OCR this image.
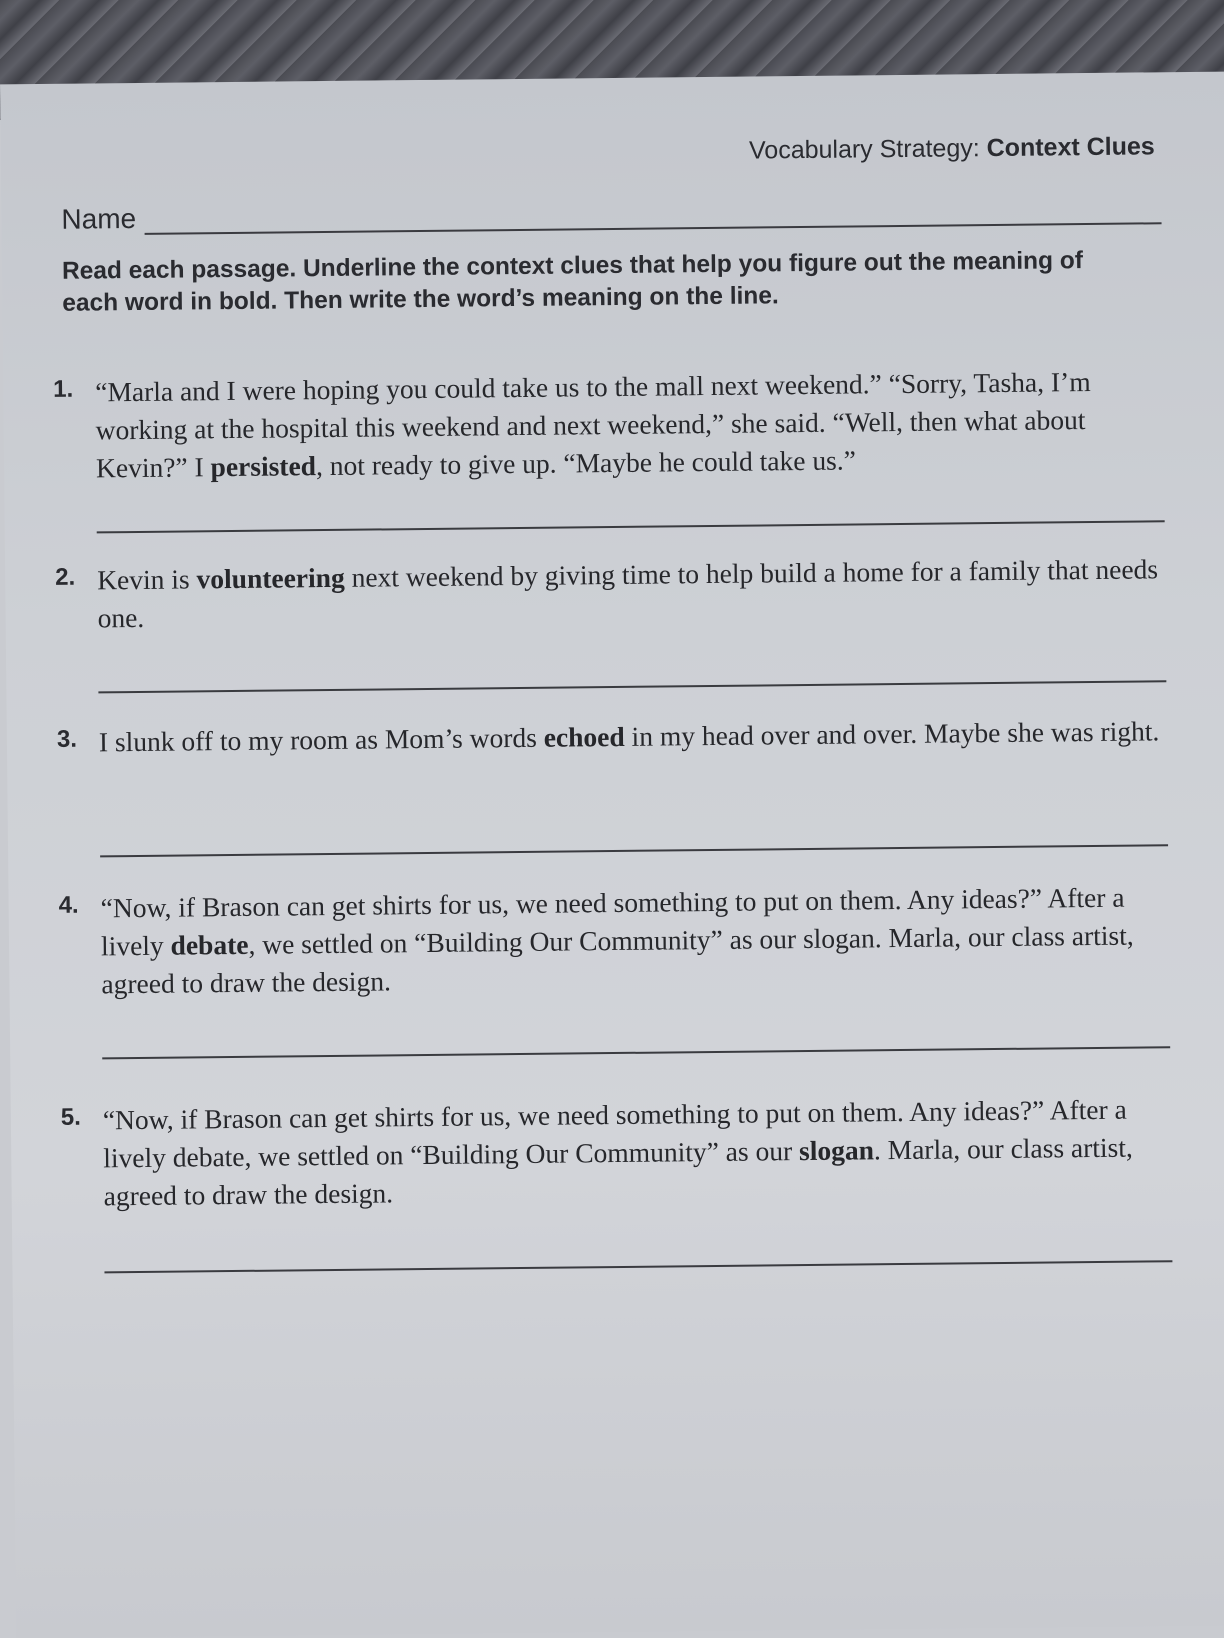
Vocabulary Strategy: Context Clues
Name
Read each passage. Underline the context clues that help you figure out the meaning of each word in bold. Then write the word’s meaning on the line.
1. “Marla and I were hoping you could take us to the mall next weekend.” “Sorry, Tasha, I’m working at the hospital this weekend and next weekend,” she said. “Well, then what about Kevin?” I persisted, not ready to give up. “Maybe he could take us.”
2. Kevin is volunteering next weekend by giving time to help build a home for a family that needs one.
3. I slunk off to my room as Mom’s words echoed in my head over and over. Maybe she was right.
4. “Now, if Brason can get shirts for us, we need something to put on them. Any ideas?” After a lively debate, we settled on “Building Our Community” as our slogan. Marla, our class artist, agreed to draw the design.
5. “Now, if Brason can get shirts for us, we need something to put on them. Any ideas?” After a lively debate, we settled on “Building Our Community” as our slogan. Marla, our class artist, agreed to draw the design.
